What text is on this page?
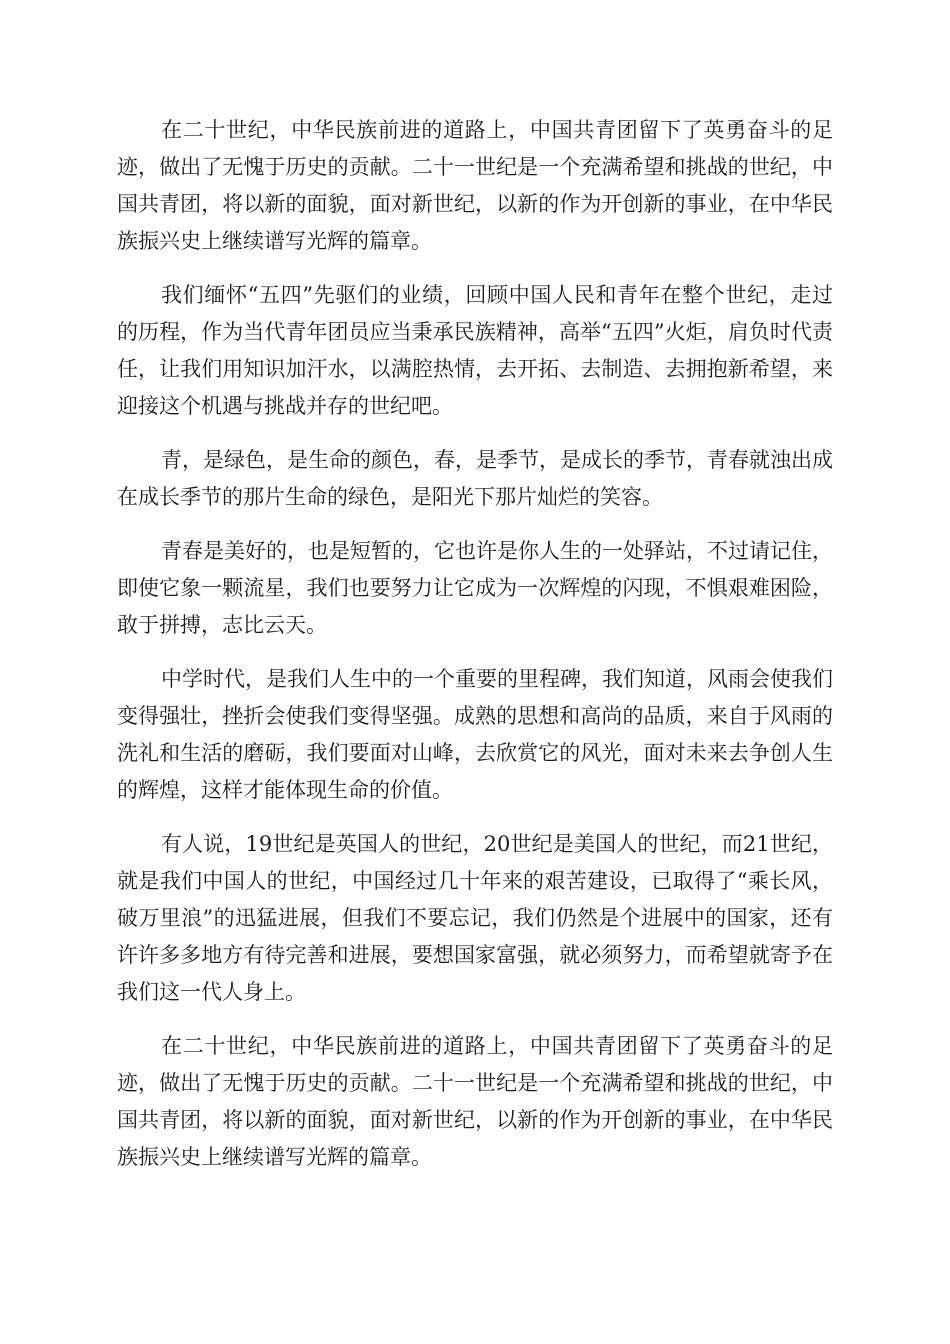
在二十世纪，中华民族前进的道路上，中国共青团留下了英勇奋斗的足迹，做出了无愧于历史的贡献。二十一世纪是一个充满希望和挑战的世纪，中国共青团，将以新的面貌，面对新世纪，以新的作为开创新的事业，在中华民族振兴史上继续谱写光辉的篇章。

我们缅怀“五四”先驱们的业绩，回顾中国人民和青年在整个世纪，走过的历程，作为当代青年团员应当秉承民族精神，高举“五四”火炬，肩负时代责任，让我们用知识加汗水，以满腔热情，去开拓、去制造、去拥抱新希望，来迎接这个机遇与挑战并存的世纪吧。

青，是绿色，是生命的颜色，春，是季节，是成长的季节，青春就浊出成在成长季节的那片生命的绿色，是阳光下那片灿烂的笑容。

青春是美好的，也是短暂的，它也许是你人生的一处驿站，不过请记住，即使它象一颗流星，我们也要努力让它成为一次辉煌的闪现，不惧艰难困险，敢于拼搏，志比云天。

中学时代，是我们人生中的一个重要的里程碑，我们知道，风雨会使我们变得强壮，挫折会使我们变得坚强。成熟的思想和高尚的品质，来自于风雨的洗礼和生活的磨砺，我们要面对山峰，去欣赏它的风光，面对未来去争创人生的辉煌，这样才能体现生命的价值。

有人说，19世纪是英国人的世纪，20世纪是美国人的世纪，而21世纪，就是我们中国人的世纪，中国经过几十年来的艰苦建设，已取得了“乘长风，破万里浪”的迅猛进展，但我们不要忘记，我们仍然是个进展中的国家，还有许许多多地方有待完善和进展，要想国家富强，就必须努力，而希望就寄予在我们这一代人身上。

在二十世纪，中华民族前进的道路上，中国共青团留下了英勇奋斗的足迹，做出了无愧于历史的贡献。二十一世纪是一个充满希望和挑战的世纪，中国共青团，将以新的面貌，面对新世纪，以新的作为开创新的事业，在中华民族振兴史上继续谱写光辉的篇章。
